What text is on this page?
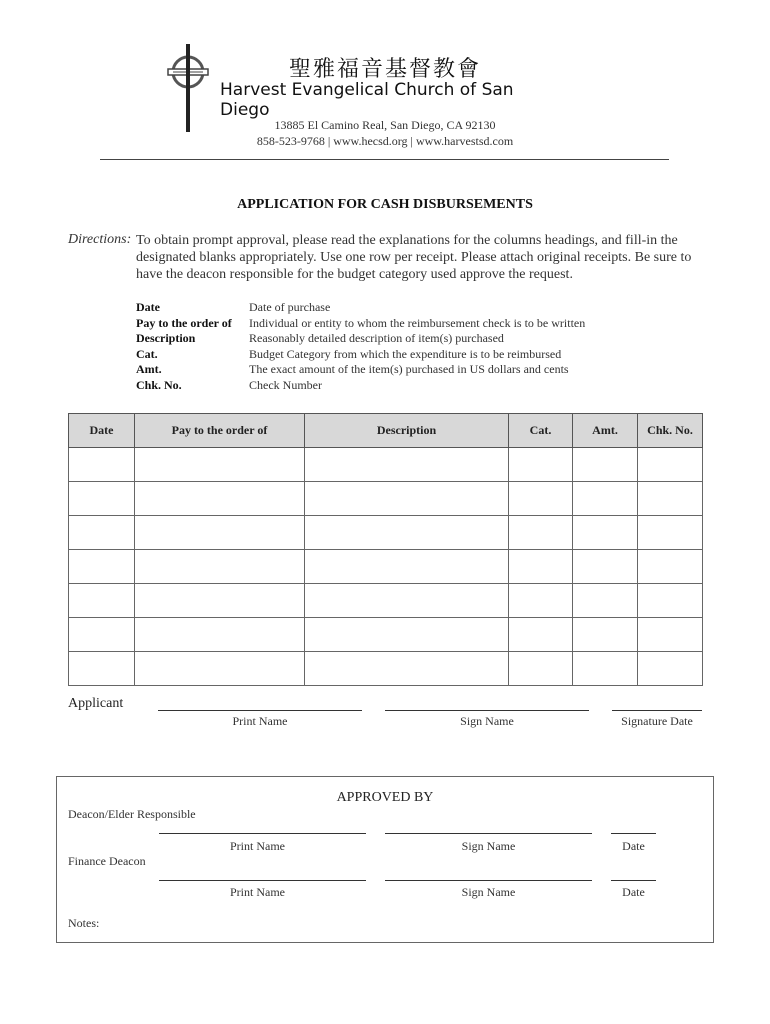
聖雅福音基督教會
Harvest Evangelical Church of San Diego
13885 El Camino Real, San Diego, CA 92130
858-523-9768 | www.hecsd.org | www.harvestsd.com
APPLICATION FOR CASH DISBURSEMENTS
Directions: To obtain prompt approval, please read the explanations for the columns headings, and fill-in the designated blanks appropriately. Use one row per receipt. Please attach original receipts. Be sure to have the deacon responsible for the budget category used approve the request.
Date	Date of purchase
Pay to the order of	Individual or entity to whom the reimbursement check is to be written
Description	Reasonably detailed description of item(s) purchased
Cat.	Budget Category from which the expenditure is to be reimbursed
Amt.	The exact amount of the item(s) purchased in US dollars and cents
Chk. No.	Check Number
Date	Pay to the order of	Description	Cat.	Amt.	Chk. No.

Applicant
Print Name	Sign Name	Signature Date
APPROVED BY
Deacon/Elder Responsible
Print Name	Sign Name	Date
Finance Deacon
Print Name	Sign Name	Date
Notes:
